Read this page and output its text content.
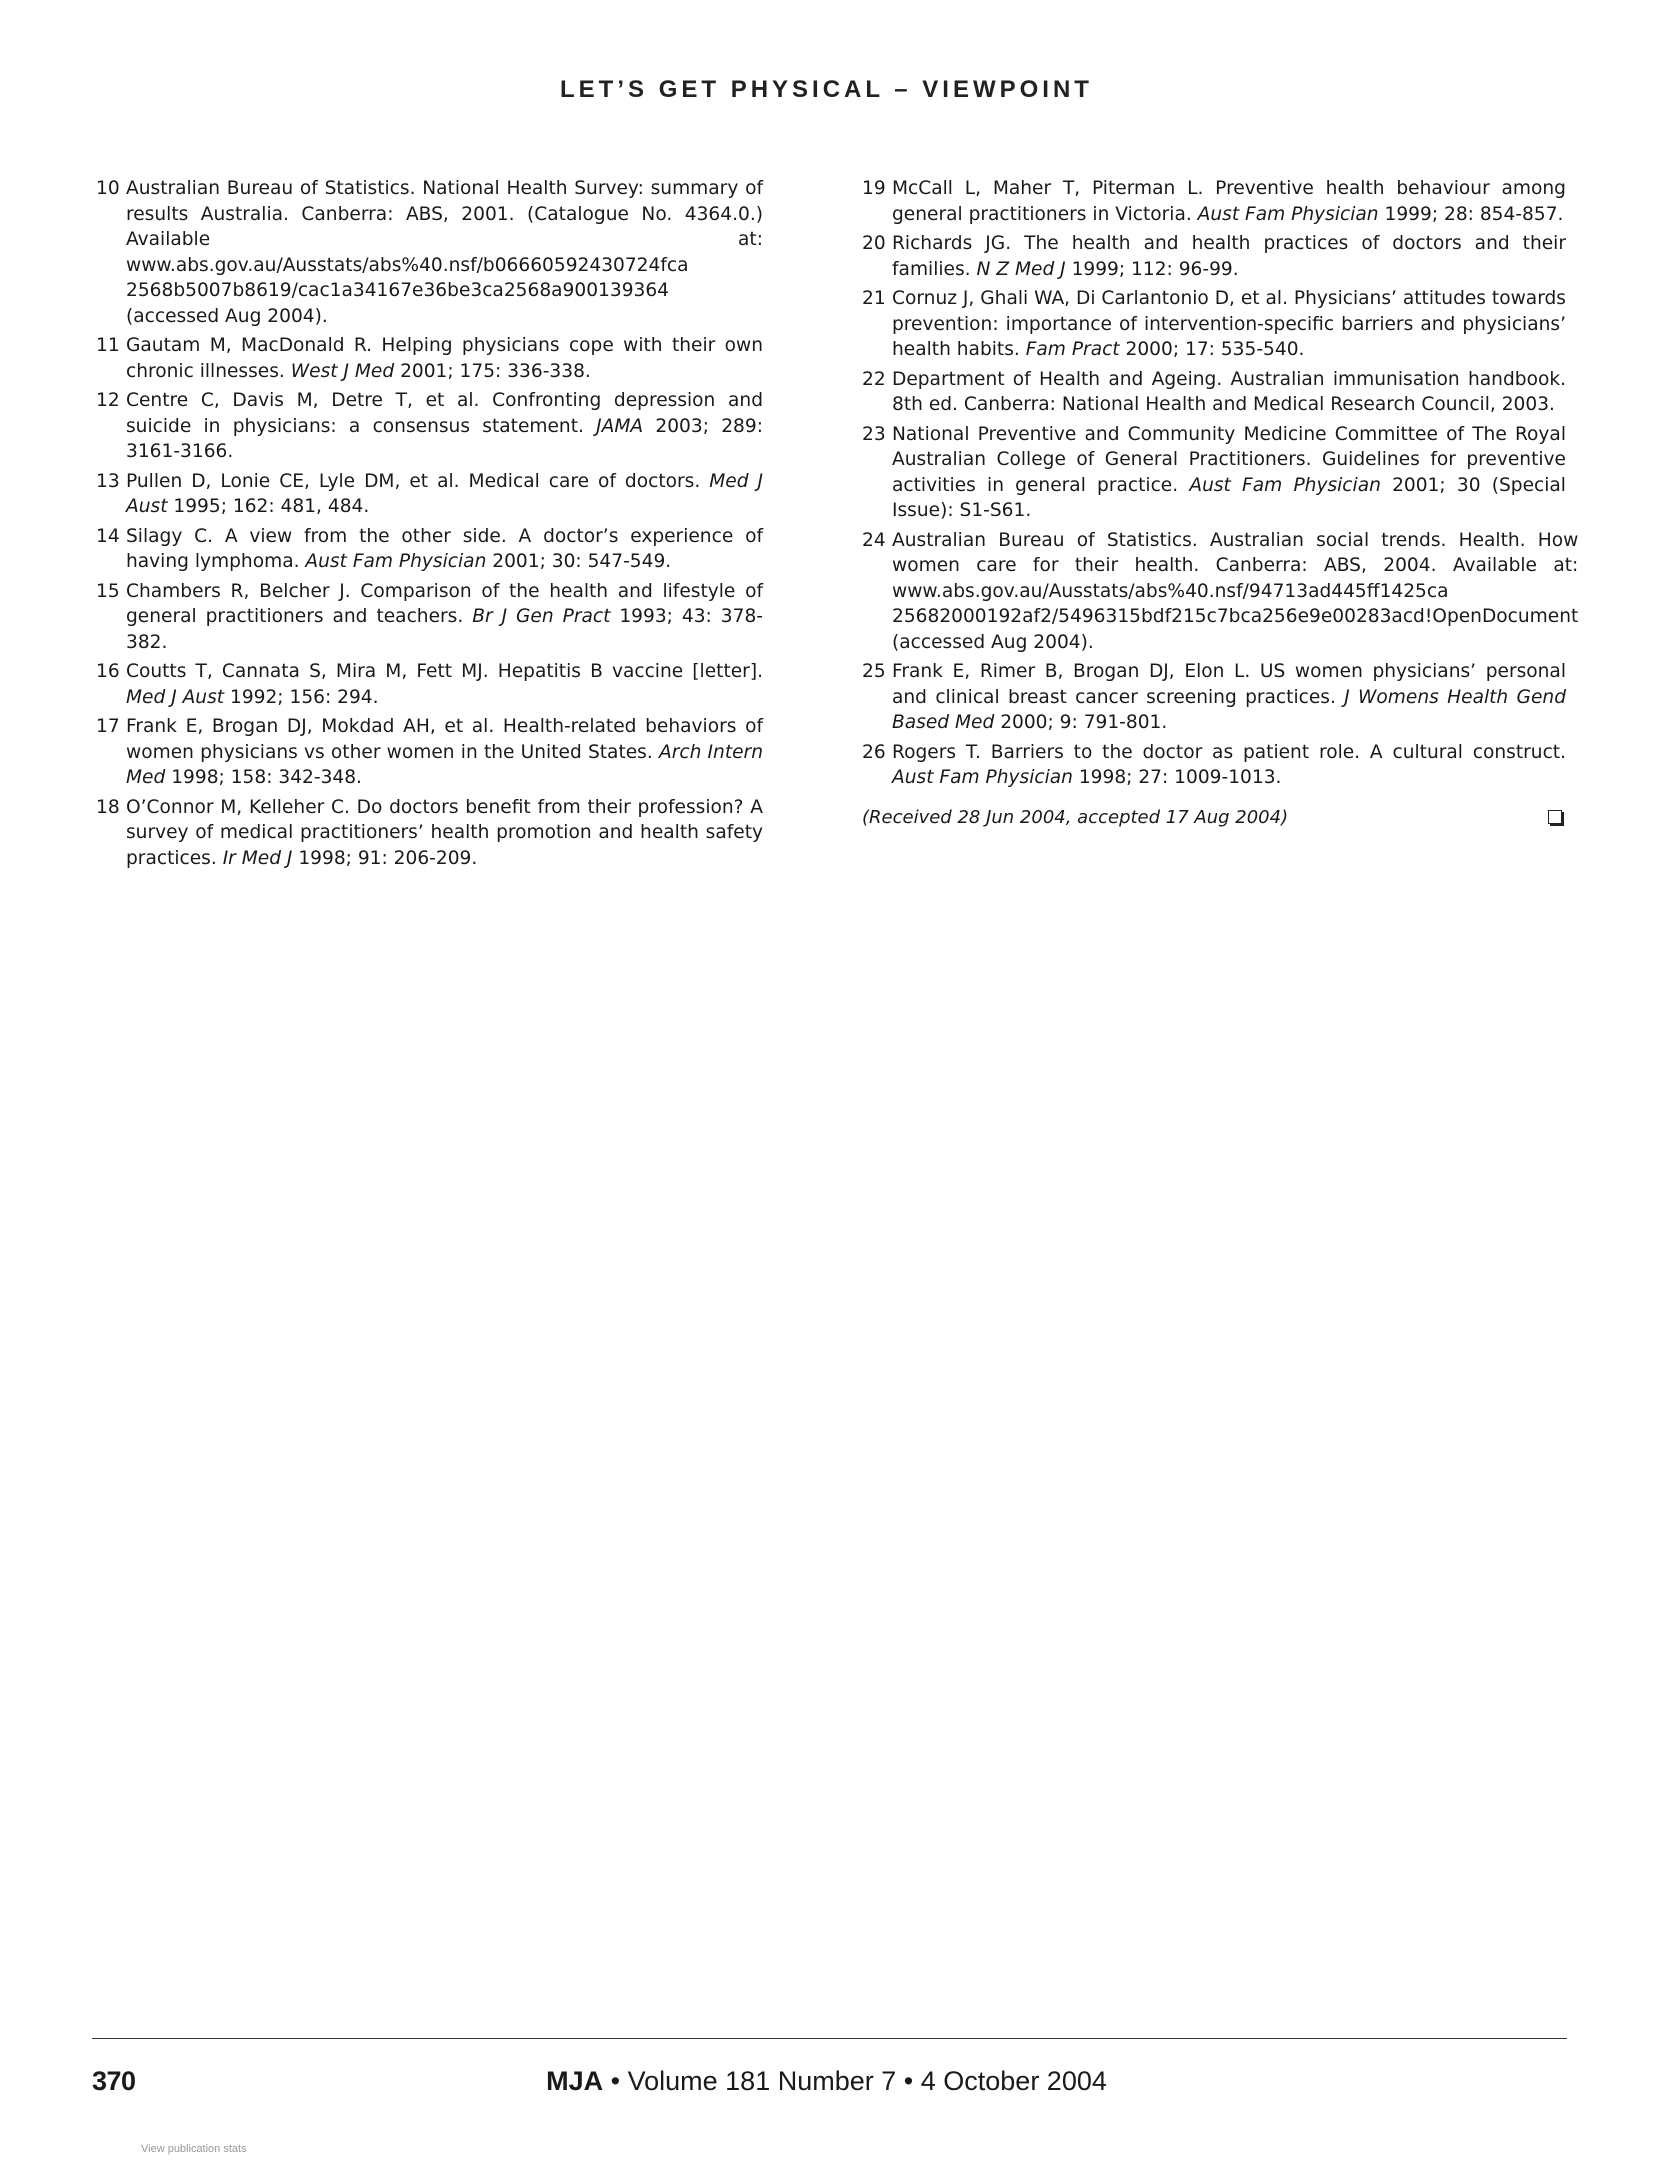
LET’S GET PHYSICAL – VIEWPOINT
10 Australian Bureau of Statistics. National Health Survey: summary of results Australia. Canberra: ABS, 2001. (Catalogue No. 4364.0.) Available at: www.abs.gov.au/Ausstats/abs%40.nsf/b06660592430724fca 2568b5007b8619/cac1a34167e36be3ca2568a900139364 (accessed Aug 2004).
11 Gautam M, MacDonald R. Helping physicians cope with their own chronic illnesses. West J Med 2001; 175: 336-338.
12 Centre C, Davis M, Detre T, et al. Confronting depression and suicide in physicians: a consensus statement. JAMA 2003; 289: 3161-3166.
13 Pullen D, Lonie CE, Lyle DM, et al. Medical care of doctors. Med J Aust 1995; 162: 481, 484.
14 Silagy C. A view from the other side. A doctor’s experience of having lymphoma. Aust Fam Physician 2001; 30: 547-549.
15 Chambers R, Belcher J. Comparison of the health and lifestyle of general practitioners and teachers. Br J Gen Pract 1993; 43: 378-382.
16 Coutts T, Cannata S, Mira M, Fett MJ. Hepatitis B vaccine [letter]. Med J Aust 1992; 156: 294.
17 Frank E, Brogan DJ, Mokdad AH, et al. Health-related behaviors of women physicians vs other women in the United States. Arch Intern Med 1998; 158: 342-348.
18 O’Connor M, Kelleher C. Do doctors benefit from their profession? A survey of medical practitioners’ health promotion and health safety practices. Ir Med J 1998; 91: 206-209.
19 McCall L, Maher T, Piterman L. Preventive health behaviour among general practitioners in Victoria. Aust Fam Physician 1999; 28: 854-857.
20 Richards JG. The health and health practices of doctors and their families. N Z Med J 1999; 112: 96-99.
21 Cornuz J, Ghali WA, Di Carlantonio D, et al. Physicians’ attitudes towards prevention: importance of intervention-specific barriers and physicians’ health habits. Fam Pract 2000; 17: 535-540.
22 Department of Health and Ageing. Australian immunisation handbook. 8th ed. Canberra: National Health and Medical Research Council, 2003.
23 National Preventive and Community Medicine Committee of The Royal Australian College of General Practitioners. Guidelines for preventive activities in general practice. Aust Fam Physician 2001; 30 (Special Issue): S1-S61.
24 Australian Bureau of Statistics. Australian social trends. Health. How women care for their health. Canberra: ABS, 2004. Available at: www.abs.gov.au/Ausstats/abs%40.nsf/94713ad445ff1425ca 25682000192af2/5496315bdf215c7bca256e9e00283acd!OpenDocument (accessed Aug 2004).
25 Frank E, Rimer B, Brogan DJ, Elon L. US women physicians’ personal and clinical breast cancer screening practices. J Womens Health Gend Based Med 2000; 9: 791-801.
26 Rogers T. Barriers to the doctor as patient role. A cultural construct. Aust Fam Physician 1998; 27: 1009-1013.
(Received 28 Jun 2004, accepted 17 Aug 2004)
370	MJA • Volume 181 Number 7 • 4 October 2004
View publication stats
